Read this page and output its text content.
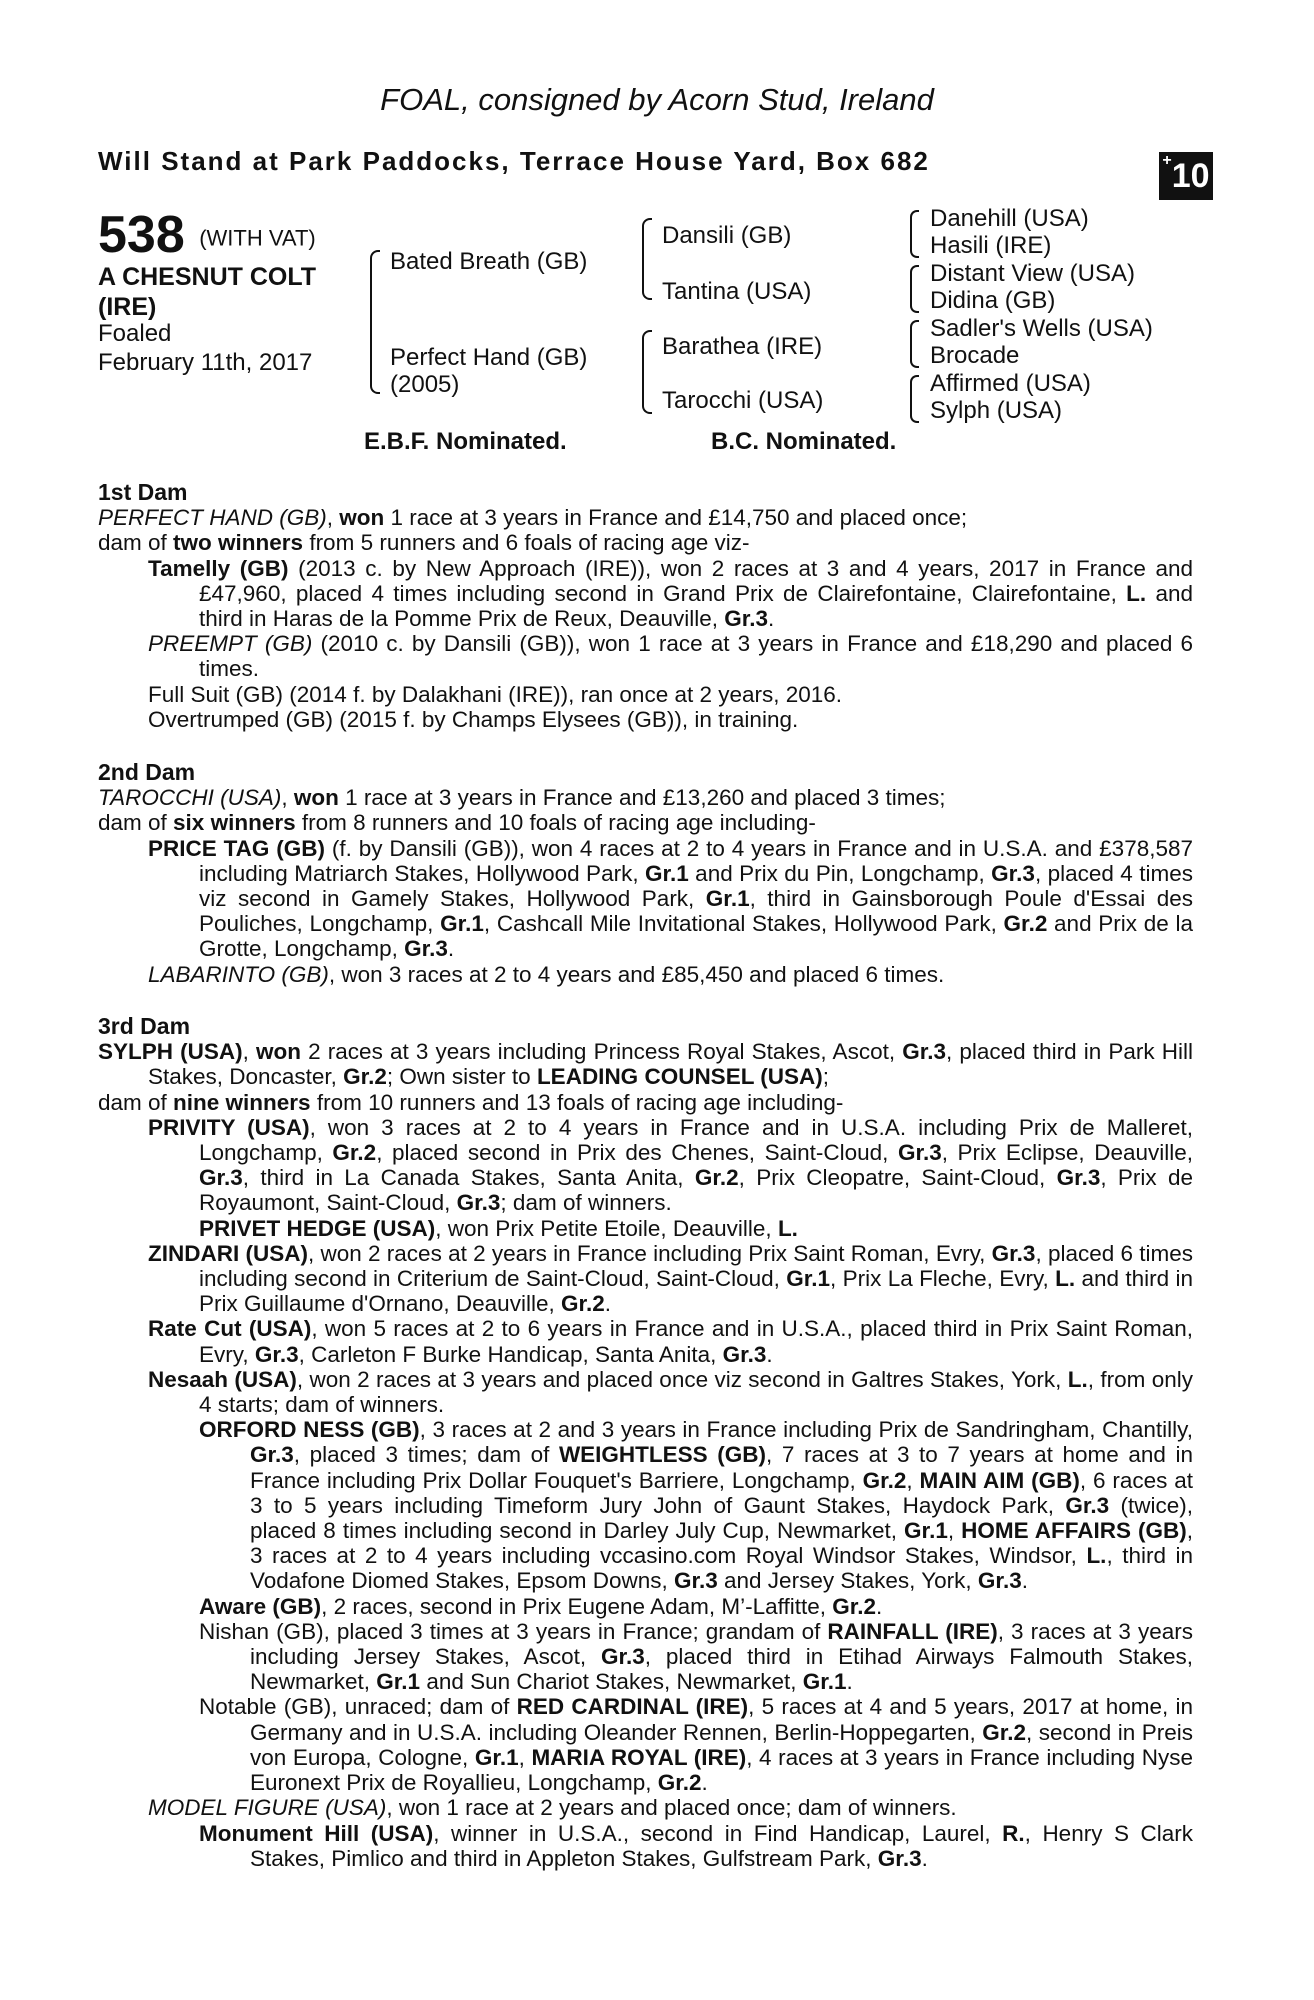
FOAL, consigned by Acorn Stud, Ireland
Will Stand at Park Paddocks, Terrace House Yard, Box 682	+10
538 (WITH VAT)
A CHESNUT COLT
(IRE)
Foaled
February 11th, 2017
Bated Breath (GB)
Perfect Hand (GB)
(2005)
Dansili (GB)
Tantina (USA)
Barathea (IRE)
Tarocchi (USA)
Danehill (USA)
Hasili (IRE)
Distant View (USA)
Didina (GB)
Sadler's Wells (USA)
Brocade
Affirmed (USA)
Sylph (USA)
E.B.F. Nominated.	B.C. Nominated.
1st Dam
PERFECT HAND (GB), won 1 race at 3 years in France and £14,750 and placed once;
dam of two winners from 5 runners and 6 foals of racing age viz-
Tamelly (GB) (2013 c. by New Approach (IRE)), won 2 races at 3 and 4 years, 2017 in France and £47,960, placed 4 times including second in Grand Prix de Clairefontaine, Clairefontaine, L. and third in Haras de la Pomme Prix de Reux, Deauville, Gr.3.
PREEMPT (GB) (2010 c. by Dansili (GB)), won 1 race at 3 years in France and £18,290 and placed 6 times.
Full Suit (GB) (2014 f. by Dalakhani (IRE)), ran once at 2 years, 2016.
Overtrumped (GB) (2015 f. by Champs Elysees (GB)), in training.
2nd Dam
TAROCCHI (USA), won 1 race at 3 years in France and £13,260 and placed 3 times;
dam of six winners from 8 runners and 10 foals of racing age including-
PRICE TAG (GB) (f. by Dansili (GB)), won 4 races at 2 to 4 years in France and in U.S.A. and £378,587 including Matriarch Stakes, Hollywood Park, Gr.1 and Prix du Pin, Longchamp, Gr.3, placed 4 times viz second in Gamely Stakes, Hollywood Park, Gr.1, third in Gainsborough Poule d'Essai des Pouliches, Longchamp, Gr.1, Cashcall Mile Invitational Stakes, Hollywood Park, Gr.2 and Prix de la Grotte, Longchamp, Gr.3.
LABARINTO (GB), won 3 races at 2 to 4 years and £85,450 and placed 6 times.
3rd Dam
SYLPH (USA), won 2 races at 3 years including Princess Royal Stakes, Ascot, Gr.3, placed third in Park Hill Stakes, Doncaster, Gr.2; Own sister to LEADING COUNSEL (USA);
dam of nine winners from 10 runners and 13 foals of racing age including-
PRIVITY (USA), won 3 races at 2 to 4 years in France and in U.S.A. including Prix de Malleret, Longchamp, Gr.2, placed second in Prix des Chenes, Saint-Cloud, Gr.3, Prix Eclipse, Deauville, Gr.3, third in La Canada Stakes, Santa Anita, Gr.2, Prix Cleopatre, Saint-Cloud, Gr.3, Prix de Royaumont, Saint-Cloud, Gr.3; dam of winners.
PRIVET HEDGE (USA), won Prix Petite Etoile, Deauville, L.
ZINDARI (USA), won 2 races at 2 years in France including Prix Saint Roman, Evry, Gr.3, placed 6 times including second in Criterium de Saint-Cloud, Saint-Cloud, Gr.1, Prix La Fleche, Evry, L. and third in Prix Guillaume d'Ornano, Deauville, Gr.2.
Rate Cut (USA), won 5 races at 2 to 6 years in France and in U.S.A., placed third in Prix Saint Roman, Evry, Gr.3, Carleton F Burke Handicap, Santa Anita, Gr.3.
Nesaah (USA), won 2 races at 3 years and placed once viz second in Galtres Stakes, York, L., from only 4 starts; dam of winners.
ORFORD NESS (GB), 3 races at 2 and 3 years in France including Prix de Sandringham, Chantilly, Gr.3, placed 3 times; dam of WEIGHTLESS (GB), 7 races at 3 to 7 years at home and in France including Prix Dollar Fouquet's Barriere, Longchamp, Gr.2, MAIN AIM (GB), 6 races at 3 to 5 years including Timeform Jury John of Gaunt Stakes, Haydock Park, Gr.3 (twice), placed 8 times including second in Darley July Cup, Newmarket, Gr.1, HOME AFFAIRS (GB), 3 races at 2 to 4 years including vccasino.com Royal Windsor Stakes, Windsor, L., third in Vodafone Diomed Stakes, Epsom Downs, Gr.3 and Jersey Stakes, York, Gr.3.
Aware (GB), 2 races, second in Prix Eugene Adam, M’-Laffitte, Gr.2.
Nishan (GB), placed 3 times at 3 years in France; grandam of RAINFALL (IRE), 3 races at 3 years including Jersey Stakes, Ascot, Gr.3, placed third in Etihad Airways Falmouth Stakes, Newmarket, Gr.1 and Sun Chariot Stakes, Newmarket, Gr.1.
Notable (GB), unraced; dam of RED CARDINAL (IRE), 5 races at 4 and 5 years, 2017 at home, in Germany and in U.S.A. including Oleander Rennen, Berlin-Hoppegarten, Gr.2, second in Preis von Europa, Cologne, Gr.1, MARIA ROYAL (IRE), 4 races at 3 years in France including Nyse Euronext Prix de Royallieu, Longchamp, Gr.2.
MODEL FIGURE (USA), won 1 race at 2 years and placed once; dam of winners.
Monument Hill (USA), winner in U.S.A., second in Find Handicap, Laurel, R., Henry S Clark Stakes, Pimlico and third in Appleton Stakes, Gulfstream Park, Gr.3.
